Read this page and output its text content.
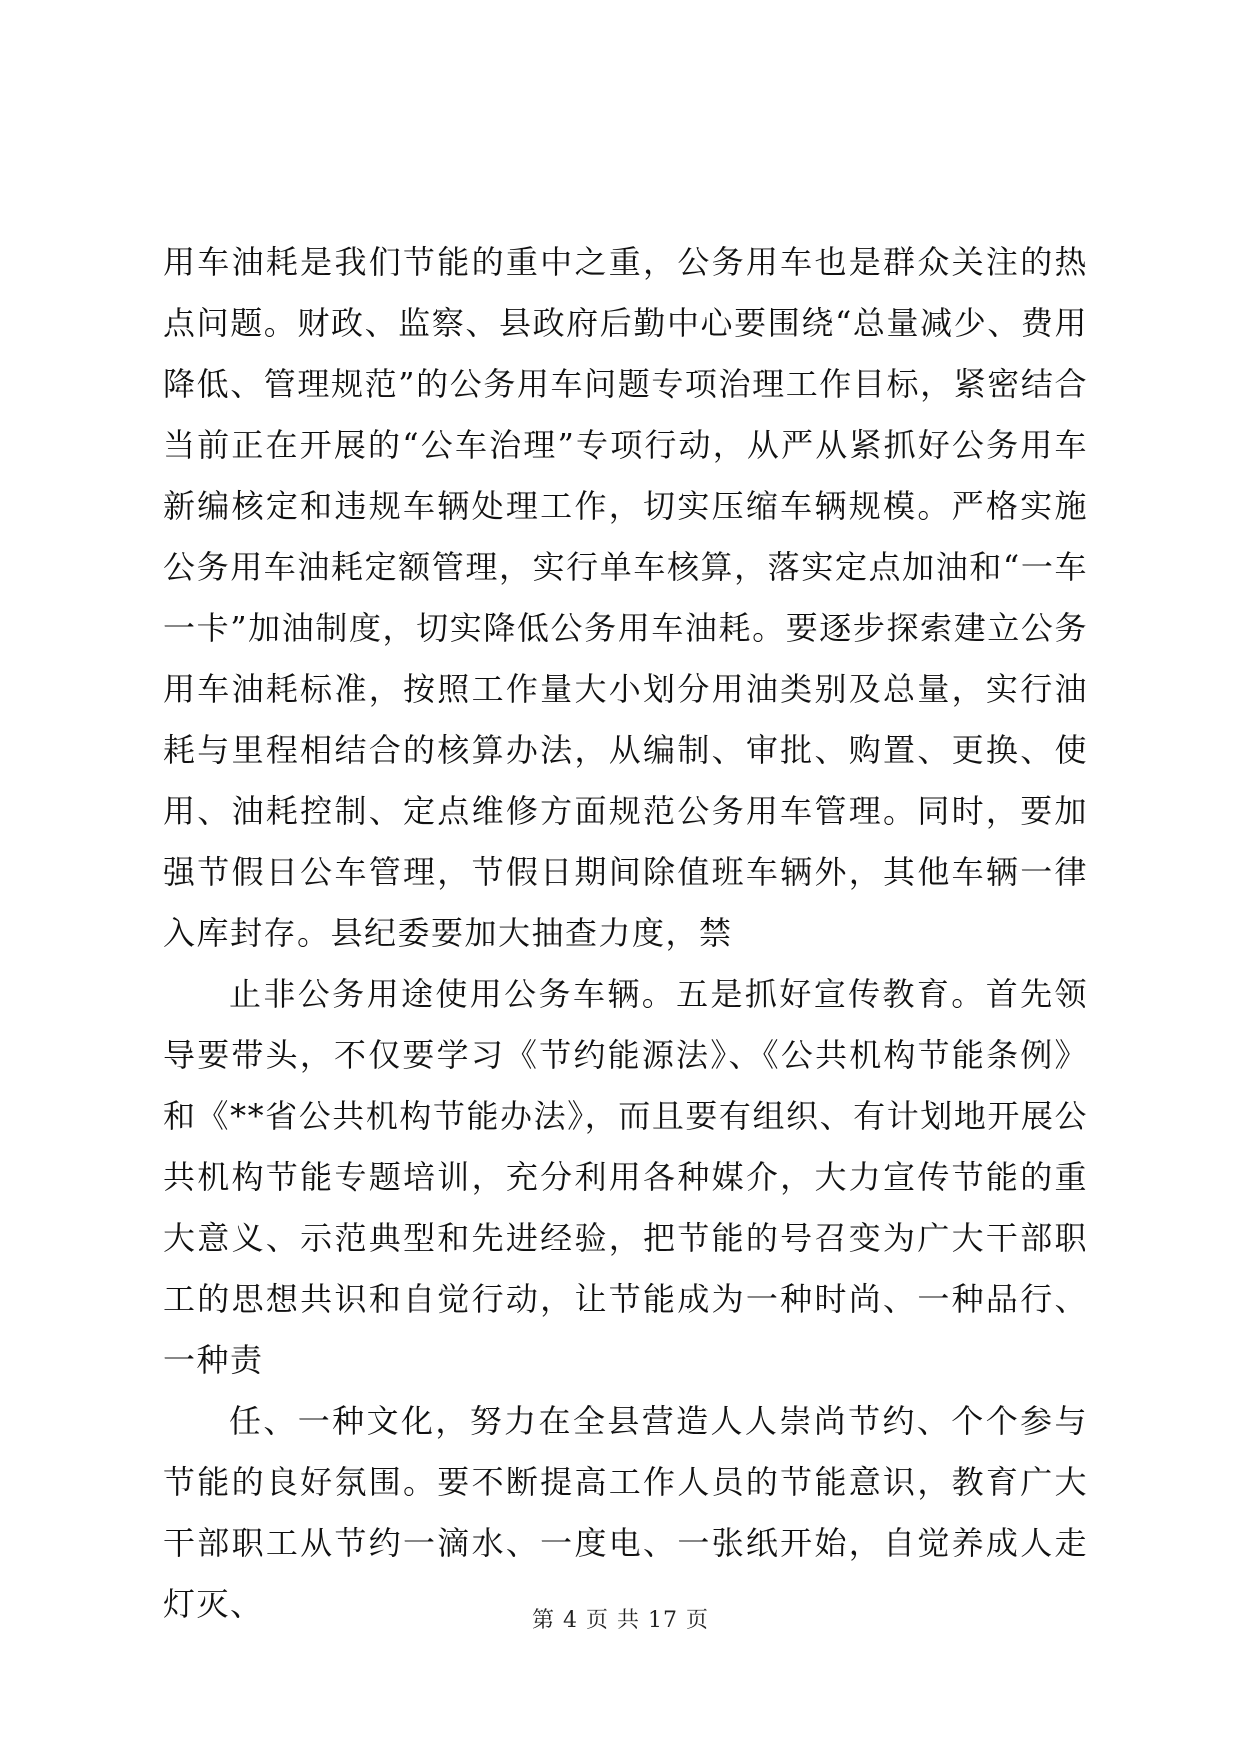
用车油耗是我们节能的重中之重，公务用车也是群众关注的热点问题。财政、监察、县政府后勤中心要围绕“总量减少、费用降低、管理规范”的公务用车问题专项治理工作目标，紧密结合当前正在开展的“公车治理”专项行动，从严从紧抓好公务用车新编核定和违规车辆处理工作，切实压缩车辆规模。严格实施公务用车油耗定额管理，实行单车核算，落实定点加油和“一车一卡”加油制度，切实降低公务用车油耗。要逐步探索建立公务用车油耗标准，按照工作量大小划分用油类别及总量，实行油耗与里程相结合的核算办法，从编制、审批、购置、更换、使用、油耗控制、定点维修方面规范公务用车管理。同时，要加强节假日公车管理，节假日期间除值班车辆外，其他车辆一律入库封存。县纪委要加大抽查力度，禁

止非公务用途使用公务车辆。五是抓好宣传教育。首先领导要带头，不仅要学习《节约能源法》、《公共机构节能条例》和《**省公共机构节能办法》，而且要有组织、有计划地开展公共机构节能专题培训，充分利用各种媒介，大力宣传节能的重大意义、示范典型和先进经验，把节能的号召变为广大干部职工的思想共识和自觉行动，让节能成为一种时尚、一种品行、一种责

任、一种文化，努力在全县营造人人崇尚节约、个个参与节能的良好氛围。要不断提高工作人员的节能意识，教育广大干部职工从节约一滴水、一度电、一张纸开始，自觉养成人走灯灭、	第 4 页 共 17 页
